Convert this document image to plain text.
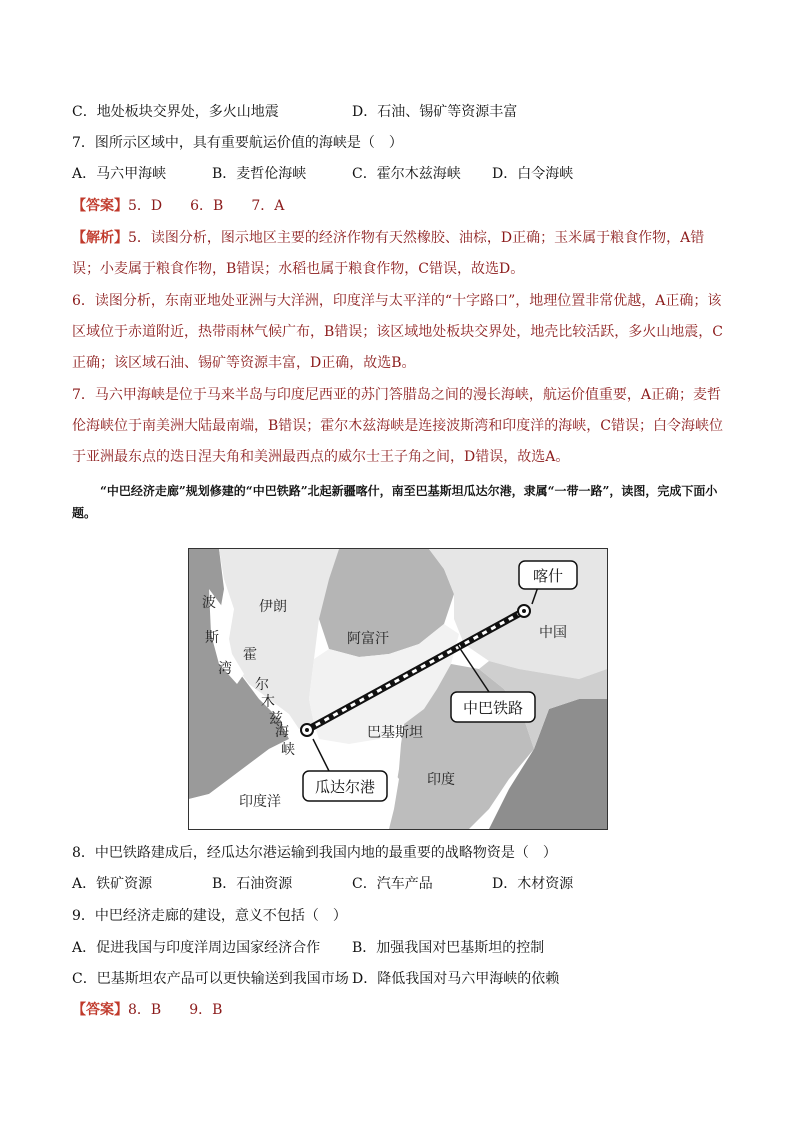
C．地处板块交界处，多火山地震	D．石油、锡矿等资源丰富
7．图所示区域中，具有重要航运价值的海峡是（　）
A．马六甲海峡	B．麦哲伦海峡	C．霍尔木兹海峡 D．白令海峡
【答案】5．D　　6．B　　7．A
【解析】5．读图分析，图示地区主要的经济作物有天然橡胶、油棕，D正确；玉米属于粮食作物，A错误；小麦属于粮食作物，B错误；水稻也属于粮食作物，C错误，故选D。
6．读图分析，东南亚地处亚洲与大洋洲，印度洋与太平洋的“十字路口”，地理位置非常优越，A正确；该区域位于赤道附近，热带雨林气候广布，B错误；该区域地处板块交界处，地壳比较活跃，多火山地震，C正确；该区域石油、锡矿等资源丰富，D正确，故选B。
7．马六甲海峡是位于马来半岛与印度尼西亚的苏门答腊岛之间的漫长海峡，航运价值重要，A正确；麦哲伦海峡位于南美洲大陆最南端，B错误；霍尔木兹海峡是连接波斯湾和印度洋的海峡，C错误；白令海峡位于亚洲最东点的迭日涅夫角和美洲最西点的威尔士王子角之间，D错误，故选A。
“中巴经济走廊”规划修建的“中巴铁路”北起新疆喀什，南至巴基斯坦瓜达尔港，隶属“一带一路”，读图，完成下面小题。
喀什
中巴铁路
瓜达尔港
伊朗
阿富汗	中国
巴基斯坦
印度
印度洋
波
斯
湾
霍
尔
木
兹
海
峡
8．中巴铁路建成后，经瓜达尔港运输到我国内地的最重要的战略物资是（　）
A．铁矿资源	B．石油资源	C．汽车产品	D．木材资源
9．中巴经济走廊的建设，意义不包括（　）
A．促进我国与印度洋周边国家经济合作 B．加强我国对巴基斯坦的控制
C．巴基斯坦农产品可以更快输送到我国市场 D．降低我国对马六甲海峡的依赖
【答案】8．B　　9．B
